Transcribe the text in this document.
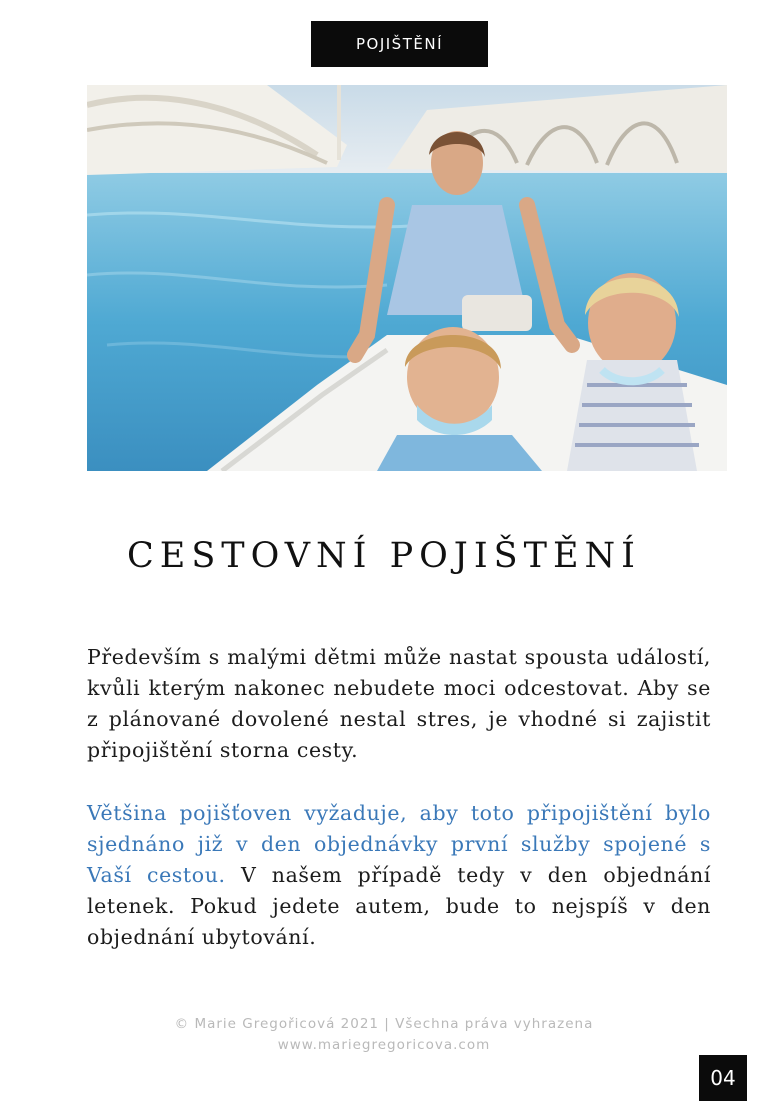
POJIŠTĚNÍ
CESTOVNÍ POJIŠTĚNÍ

Především s malými dětmi může nastat spousta událostí, kvůli kterým nakonec nebudete moci odcestovat. Aby se z plánované dovolené nestal stres, je vhodné si zajistit připojištění storna cesty.

Většina pojišťoven vyžaduje, aby toto připojištění bylo sjednáno již v den objednávky první služby spojené s Vaší cestou. V našem případě tedy v den objednání letenek. Pokud jedete autem, bude to nejspíš v den objednání ubytování.

© Marie Gregořicová 2021 | Všechna práva vyhrazena
www.mariegregoricova.com
04
